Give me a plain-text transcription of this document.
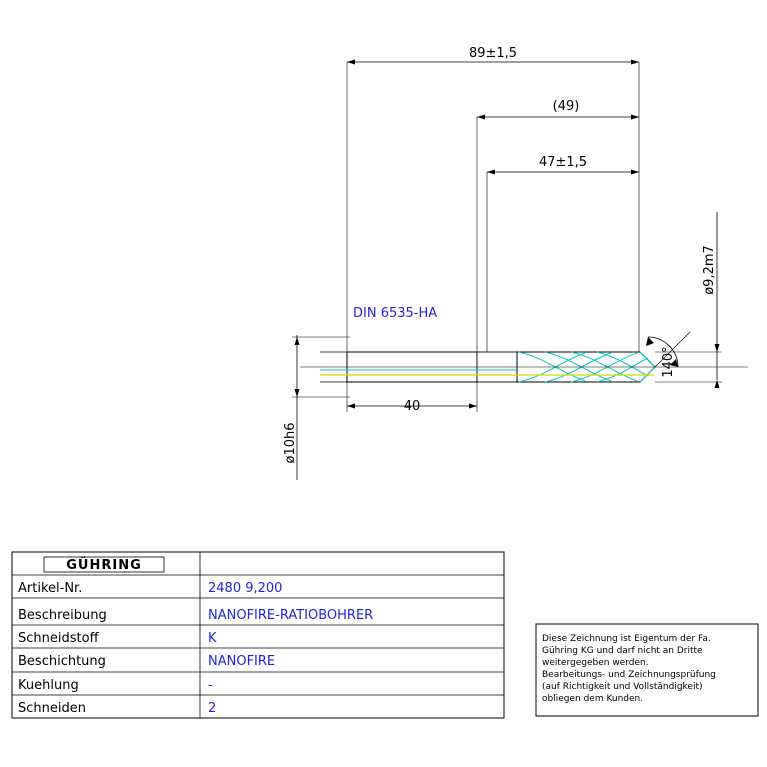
89±1,5
(49)
47±1,5
DIN 6535-HA
40
ø10h6
ø9,2m7
140°
GÜHRING
Artikel-Nr.
Beschreibung
Schneidstoff
Beschichtung
Kuehlung
Schneiden
2480 9,200
NANOFIRE-RATIOBOHRER
K
NANOFIRE
-
2
Diese Zeichnung ist Eigentum der Fa.
Gühring KG und darf nicht an Dritte
weitergegeben werden.
Bearbeitungs- und Zeichnungsprüfung
(auf Richtigkeit und Vollständigkeit)
obliegen dem Kunden.
